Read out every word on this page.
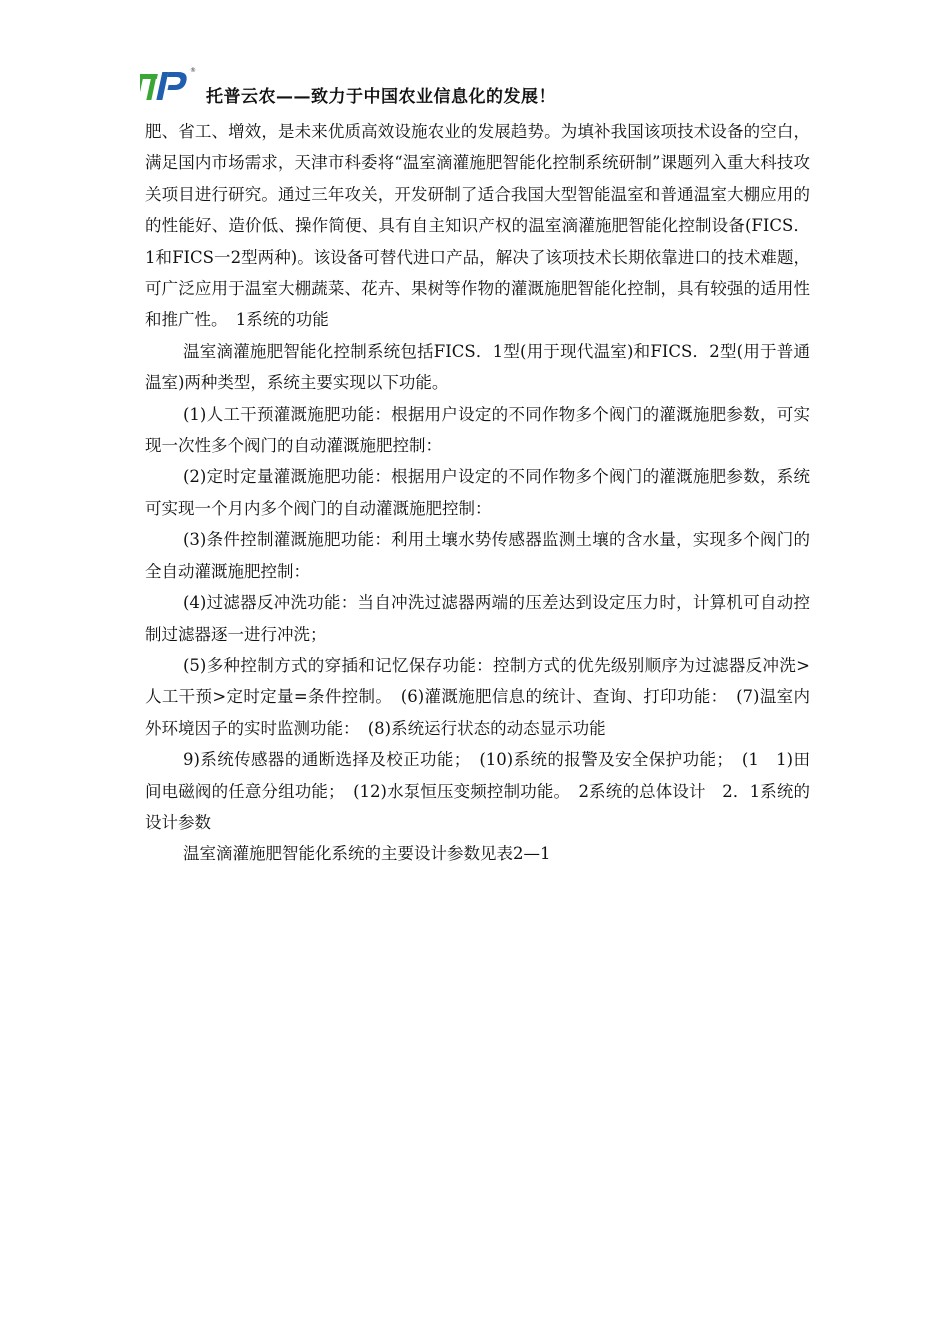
®
托普云农——致力于中国农业信息化的发展！

肥、省工、增效，是未来优质高效设施农业的发展趋势。为填补我国该项技术设备的空白，满足国内市场需求，天津市科委将“温室滴灌施肥智能化控制系统研制”课题列入重大科技攻关项目进行研究。通过三年攻关，开发研制了适合我国大型智能温室和普通温室大棚应用的的性能好、造价低、操作简便、具有自主知识产权的温室滴灌施肥智能化控制设备(FICS．1和FICS一2型两种)。该设备可替代进口产品，解决了该项技术长期依靠进口的技术难题，可广泛应用于温室大棚蔬菜、花卉、果树等作物的灌溉施肥智能化控制，具有较强的适用性和推广性。　1系统的功能

温室滴灌施肥智能化控制系统包括FICS．1型(用于现代温室)和FICS．2型(用于普通温室)两种类型，系统主要实现以下功能。

(1)人工干预灌溉施肥功能：根据用户设定的不同作物多个阀门的灌溉施肥参数，可实现一次性多个阀门的自动灌溉施肥控制：

(2)定时定量灌溉施肥功能：根据用户设定的不同作物多个阀门的灌溉施肥参数，系统可实现一个月内多个阀门的自动灌溉施肥控制：

(3)条件控制灌溉施肥功能：利用土壤水势传感器监测土壤的含水量，实现多个阀门的全自动灌溉施肥控制：

(4)过滤器反冲洗功能：当自冲洗过滤器两端的压差达到设定压力时，计算机可自动控制过滤器逐一进行冲洗；

(5)多种控制方式的穿插和记忆保存功能：控制方式的优先级别顺序为过滤器反冲洗>人工干预>定时定量=条件控制。　(6)灌溉施肥信息的统计、查询、打印功能：　(7)温室内外环境因子的实时监测功能：　(8)系统运行状态的动态显示功能

9)系统传感器的通断选择及校正功能；　(10)系统的报警及安全保护功能；　(1　1)田间电磁阀的任意分组功能；　(12)水泵恒压变频控制功能。　2系统的总体设计　2．1系统的设计参数

温室滴灌施肥智能化系统的主要设计参数见表2—1
